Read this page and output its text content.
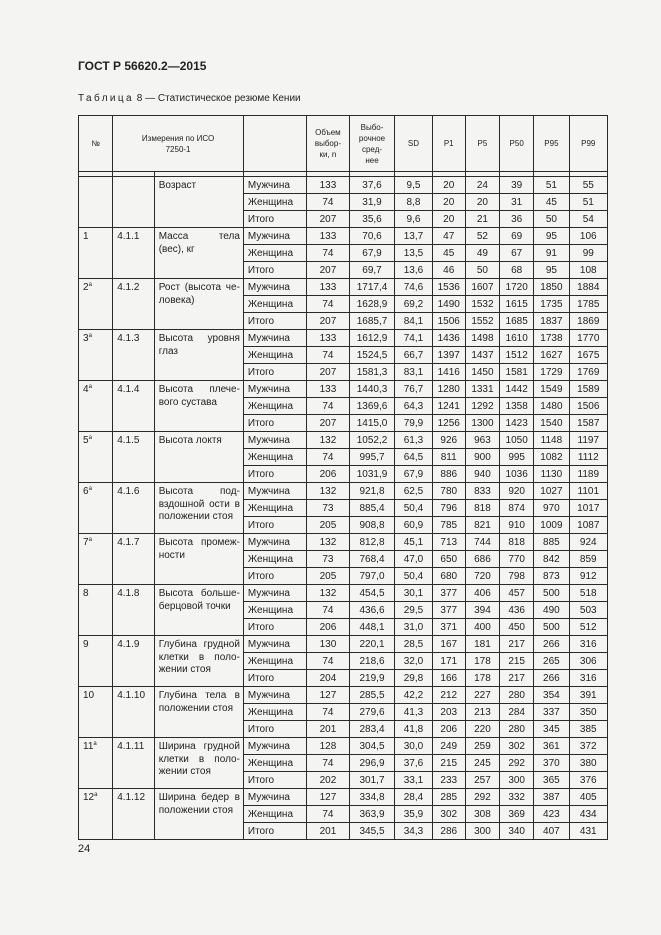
ГОСТ Р 56620.2—2015
Таблица 8 — Статистическое резюме Кении
№	Измерения по ИСО 7250-1			Объем выбор-ки, n	Выбо-рочное сред-нее	SD	P1	P5	P50	P95	P99

		Возраст	Мужчина	133	37,6	9,5	20	24	39	51	55
			Женщина	74	31,9	8,8	20	20	31	45	51
			Итого	207	35,6	9,6	20	21	36	50	54
1	4.1.1	Масса тела (вес), кг	Мужчина	133	70,6	13,7	47	52	69	95	106
			Женщина	74	67,9	13,5	45	49	67	91	99
			Итого	207	69,7	13,6	46	50	68	95	108
$2^а$	4.1.2	Рост (высота че-ловека)	Мужчина	133	1717,4	74,6	1536	1607	1720	1850	1884
			Женщина	74	1628,9	69,2	1490	1532	1615	1735	1785
			Итого	207	1685,7	84,1	1506	1552	1685	1837	1869
$3^а$	4.1.3	Высота уровня глаз	Мужчина	133	1612,9	74,1	1436	1498	1610	1738	1770
			Женщина	74	1524,5	66,7	1397	1437	1512	1627	1675
			Итого	207	1581,3	83,1	1416	1450	1581	1729	1769
$4^а$	4.1.4	Высота плече-вого сустава	Мужчина	133	1440,3	76,7	1280	1331	1442	1549	1589
			Женщина	74	1369,6	64,3	1241	1292	1358	1480	1506
			Итого	207	1415,0	79,9	1256	1300	1423	1540	1587
$5^а$	4.1.5	Высота локтя	Мужчина	132	1052,2	61,3	926	963	1050	1148	1197
			Женщина	74	995,7	64,5	811	900	995	1082	1112
			Итого	206	1031,9	67,9	886	940	1036	1130	1189
$6^а$	4.1.6	Высота под-вздошной ости в положении стоя	Мужчина	132	921,8	62,5	780	833	920	1027	1101
			Женщина	73	885,4	50,4	796	818	874	970	1017
			Итого	205	908,8	60,9	785	821	910	1009	1087
$7^а$	4.1.7	Высота промеж-ности	Мужчина	132	812,8	45,1	713	744	818	885	924
			Женщина	73	768,4	47,0	650	686	770	842	859
			Итого	205	797,0	50,4	680	720	798	873	912
8	4.1.8	Высота больше-берцовой точки	Мужчина	132	454,5	30,1	377	406	457	500	518
			Женщина	74	436,6	29,5	377	394	436	490	503
			Итого	206	448,1	31,0	371	400	450	500	512
9	4.1.9	Глубина грудной клетки в поло-жении стоя	Мужчина	130	220,1	28,5	167	181	217	266	316
			Женщина	74	218,6	32,0	171	178	215	265	306
			Итого	204	219,9	29,8	166	178	217	266	316
10	4.1.10	Глубина тела в положении стоя	Мужчина	127	285,5	42,2	212	227	280	354	391
			Женщина	74	279,6	41,3	203	213	284	337	350
			Итого	201	283,4	41,8	206	220	280	345	385
$11^а$	4.1.11	Ширина грудной клетки в поло-жении стоя	Мужчина	128	304,5	30,0	249	259	302	361	372
			Женщина	74	296,9	37,6	215	245	292	370	380
			Итого	202	301,7	33,1	233	257	300	365	376
$12^а$	4.1.12	Ширина бедер в положении стоя	Мужчина	127	334,8	28,4	285	292	332	387	405
			Женщина	74	363,9	35,9	302	308	369	423	434
			Итого	201	345,5	34,3	286	300	340	407	431
24
